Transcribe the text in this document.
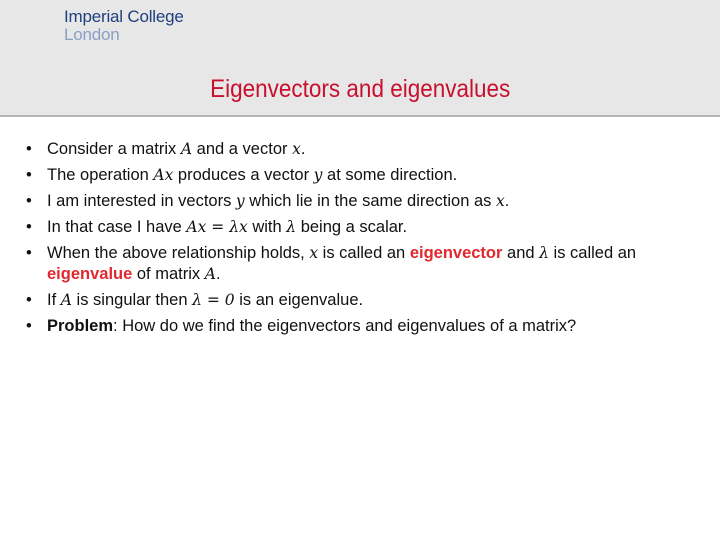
Imperial College
London
Eigenvectors and eigenvalues
• Consider a matrix A and a vector x.
• The operation Ax produces a vector y at some direction.
• I am interested in vectors y which lie in the same direction as x.
• In that case I have Ax = λx with λ being a scalar.
• When the above relationship holds, x is called an eigenvector and λ is called an eigenvalue of matrix A.
• If A is singular then λ = 0 is an eigenvalue.
• Problem: How do we find the eigenvectors and eigenvalues of a matrix?
